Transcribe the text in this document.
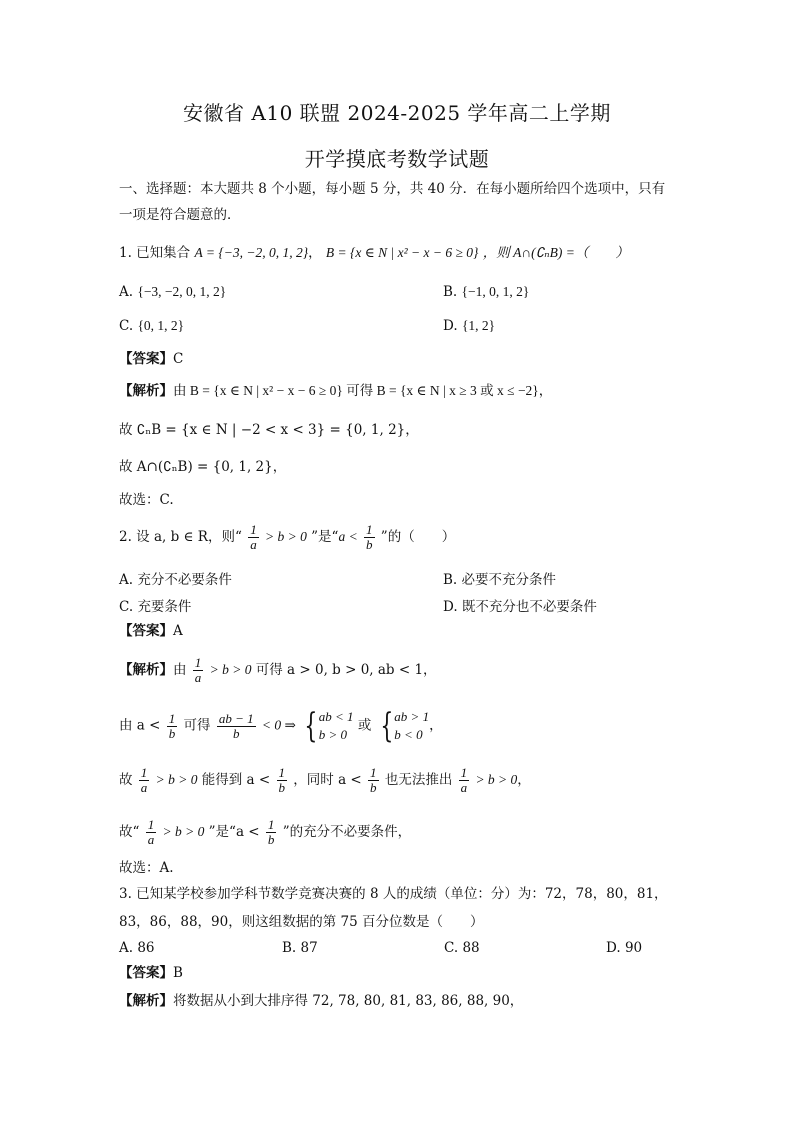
安徽省 A10 联盟 2024-2025 学年高二上学期
开学摸底考数学试题
一、选择题：本大题共 8 个小题，每小题 5 分，共 40 分．在每小题所给四个选项中，只有
一项是符合题意的．
1. 已知集合 A = {−3, −2, 0, 1, 2}， B = {x ∈ N | x² − x − 6 ≥ 0} ，则 A∩(∁ₙB) =（　　）
A. {−3, −2, 0, 1, 2}	B. {−1, 0, 1, 2}
C. {0, 1, 2}	D. {1, 2}
【答案】C
【解析】由 B = {x ∈ N | x² − x − 6 ≥ 0} 可得 B = {x ∈ N | x ≥ 3 或 x ≤ −2}，
故 ∁ₙB = {x ∈ N | −2 < x < 3} = {0, 1, 2}，
故 A∩(∁ₙB) = {0, 1, 2}，
故选：C.
2. 设 a, b ∈ R，则“ $\frac{1}{a} > b > 0$ ”是“$a < \frac{1}{b}$ ”的（　　）
A. 充分不必要条件	B. 必要不充分条件
C. 充要条件	D. 既不充分也不必要条件
【答案】A
【解析】由 $\frac{1}{a} > b > 0$ 可得 a > 0, b > 0, ab < 1，
由 $a < \frac{1}{b}$ 可得 $\frac{ab - 1}{b} < 0$ ⇒ { ab < 1
b > 0
或 { ab > 1
b < 0
，
故 $\frac{1}{a} > b > 0$ 能得到 $a < \frac{1}{b}$ ，同时 $a < \frac{1}{b}$ 也无法推出 $\frac{1}{a} > b > 0$，
故“ $\frac{1}{a} > b > 0$ ”是“$a < \frac{1}{b}$ ”的充分不必要条件，
故选：A.
3. 已知某学校参加学科节数学竞赛决赛的 8 人的成绩（单位：分）为：72，78，80，81，
83，86，88，90，则这组数据的第 75 百分位数是（　　）
A. 86	B. 87	C. 88	D. 90
【答案】B
【解析】将数据从小到大排序得 72, 78, 80, 81, 83, 86, 88, 90，
